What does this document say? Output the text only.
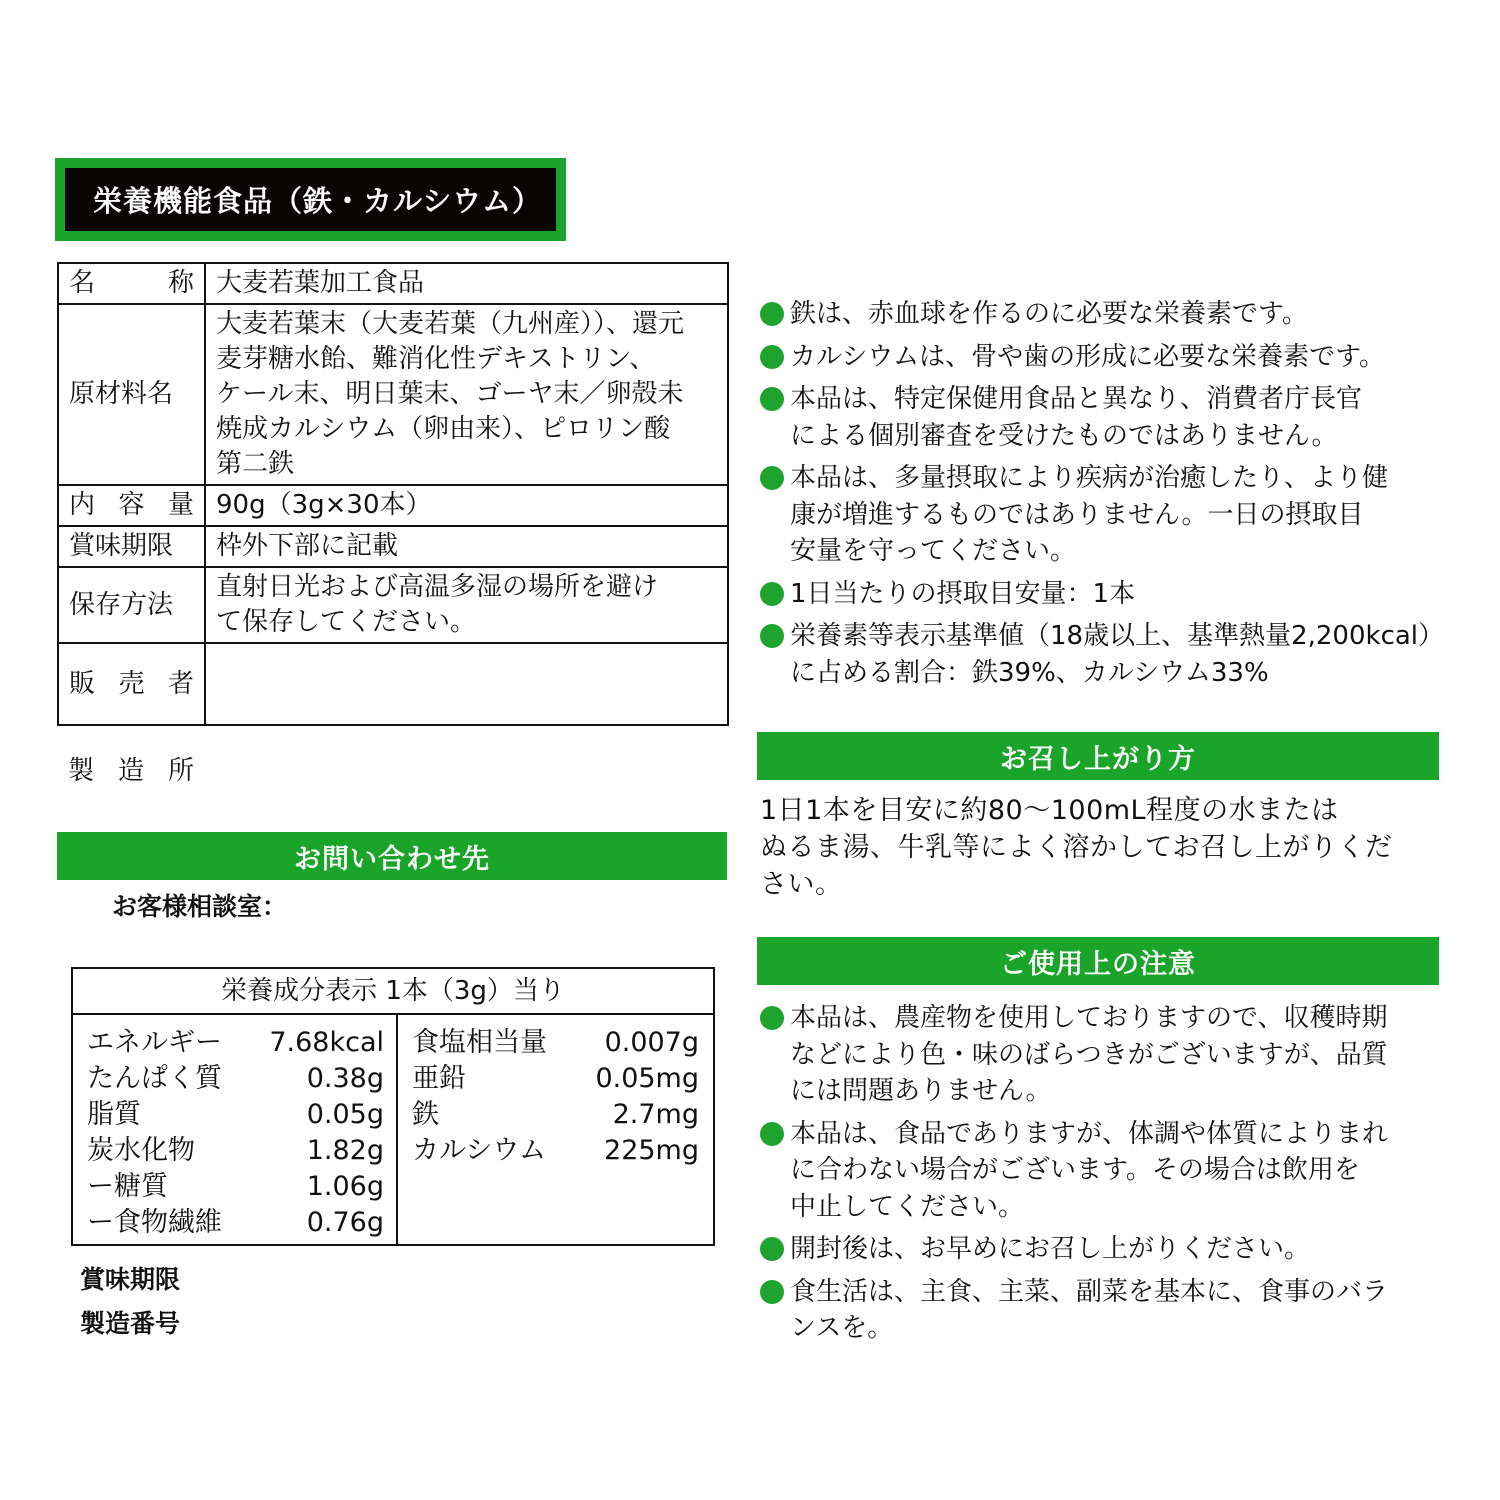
栄養機能食品（鉄・カルシウム）
名 称	大麦若葉加工食品

原材料名	大麦若葉末（大麦若葉（九州産））、還元
麦芽糖水飴、難消化性デキストリン、
ケール末、明日葉末、ゴーヤ末／卵殻未
焼成カルシウム（卵由来）、ピロリン酸
第二鉄

内 容 量	90g（3g×30本）

賞味期限	枠外下部に記載

保存方法	直射日光および高温多湿の場所を避け
て保存してください。

販 売 者	

製 造 所
お問い合わせ先
お客様相談室：
栄養成分表示 1本（3g）当り
エネルギー 7.68kcal
たんぱく質	0.38g
脂質	0.05g
炭水化物	1.82g
ー糖質	1.06g
ー食物繊維	0.76g
食塩相当量 0.007g
亜鉛	0.05mg
鉄	2.7mg
カルシウム 225mg
賞味期限
製造番号
鉄は、赤血球を作るのに必要な栄養素です。
カルシウムは、骨や歯の形成に必要な栄養素です。
本品は、特定保健用食品と異なり、消費者庁長官
による個別審査を受けたものではありません。
本品は、多量摂取により疾病が治癒したり、より健
康が増進するものではありません。一日の摂取目
安量を守ってください。
1日当たりの摂取目安量：1本
栄養素等表示基準値（18歳以上、基準熱量2,200kcal）
に占める割合：鉄39%、カルシウム33%
お召し上がり方
1日1本を目安に約80〜100mL程度の水または
ぬるま湯、牛乳等によく溶かしてお召し上がりくだ
さい。
ご使用上の注意
本品は、農産物を使用しておりますので、収穫時期
などにより色・味のばらつきがございますが、品質
には問題ありません。
本品は、食品でありますが、体調や体質によりまれ
に合わない場合がございます。その場合は飲用を
中止してください。
開封後は、お早めにお召し上がりください。
食生活は、主食、主菜、副菜を基本に、食事のバラ
ンスを。
